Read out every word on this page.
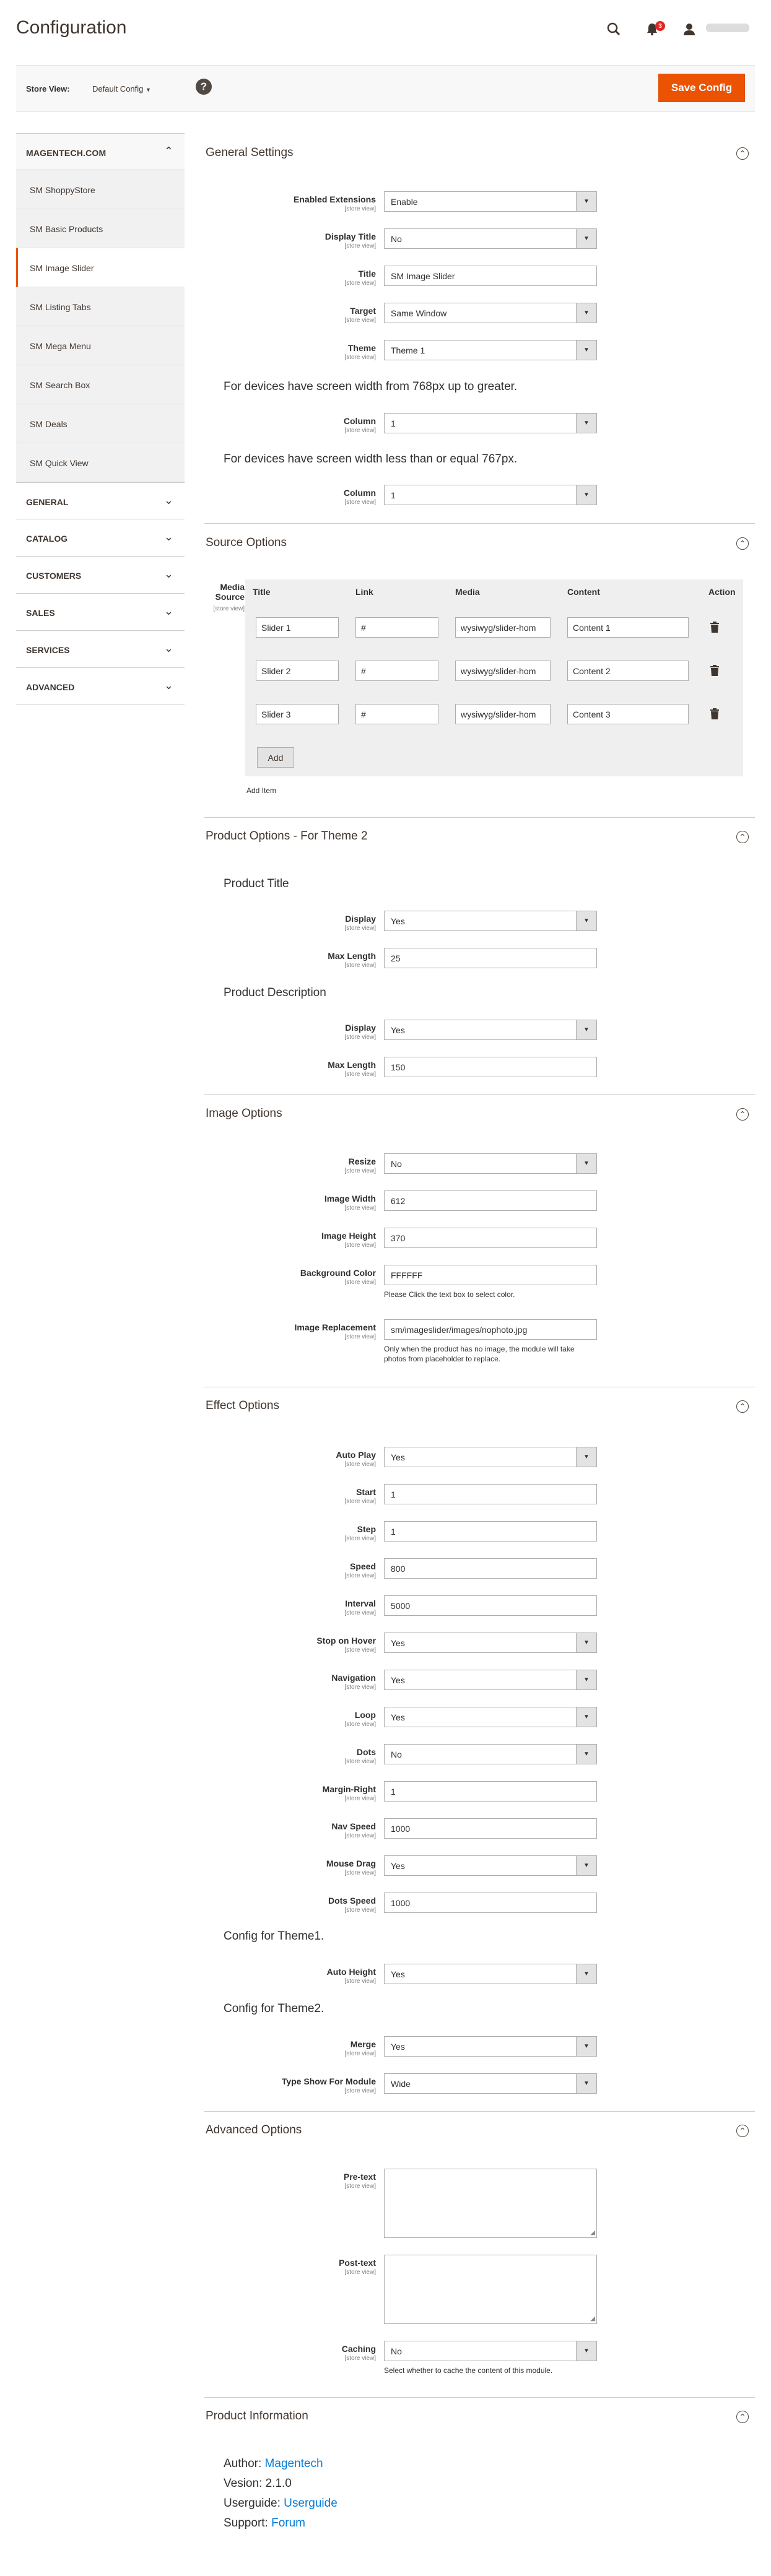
Configuration	3
Store View:	Default Config ▼	?	Save Config
MAGENTECH.COM	⌃
SM ShoppyStore
SM Basic Products
SM Image Slider
SM Listing Tabs
SM Mega Menu
SM Search Box
SM Deals
SM Quick View
GENERAL	⌄
CATALOG	⌄
CUSTOMERS	⌄
SALES	⌄
SERVICES	⌄
ADVANCED	⌄
General Settings	⌃
Enabled Extensions
[store view]
Enable	▼
Display Title
[store view]
No	▼
Title
[store view]
SM Image Slider
Target
[store view]
Same Window	▼
Theme
[store view]
Theme 1	▼
For devices have screen width from 768px up to greater.
Column
[store view]
1	▼
For devices have screen width less than or equal 767px.
Column
[store view]
1	▼
Source Options	⌃
Media Source
[store view]
Title	Link	Media	Content	Action
Slider 1	#	wysiwyg/slider-hom	Content 1
Slider 2	#	wysiwyg/slider-hom	Content 2
Slider 3	#	wysiwyg/slider-hom	Content 3
Add
Add Item
Product Options - For Theme 2	⌃
Product Title
Display
[store view]
Yes	▼
Max Length
[store view]
25
Product Description
Display
[store view]
Yes	▼
Max Length
[store view]
150
Image Options	⌃
Resize
[store view]
No	▼
Image Width
[store view]
612
Image Height
[store view]
370
Background Color
[store view]
FFFFFF
Please Click the text box to select color.
Image Replacement
[store view]
sm/imageslider/images/nophoto.jpg
Only when the product has no image, the module will take photos from placeholder to replace.
Effect Options	⌃
Auto Play
[store view]
Yes	▼
Start
[store view]
1
Step
[store view]
1
Speed
[store view]
800
Interval
[store view]
5000
Stop on Hover
[store view]
Yes	▼
Navigation
[store view]
Yes	▼
Loop
[store view]
Yes	▼
Dots
[store view]
No	▼
Margin-Right
[store view]
1
Nav Speed
[store view]
1000
Mouse Drag
[store view]
Yes	▼
Dots Speed
[store view]
1000
Config for Theme1.
Auto Height
[store view]
Yes	▼
Config for Theme2.
Merge
[store view]
Yes	▼
Type Show For Module
[store view]
Wide	▼
Advanced Options	⌃
Pre-text
[store view]
◢
Post-text
[store view]
◢
Caching
[store view]
No	▼
Select whether to cache the content of this module.
Product Information	⌃
Author: Magentech
Vesion: 2.1.0
Userguide: Userguide
Support: Forum
